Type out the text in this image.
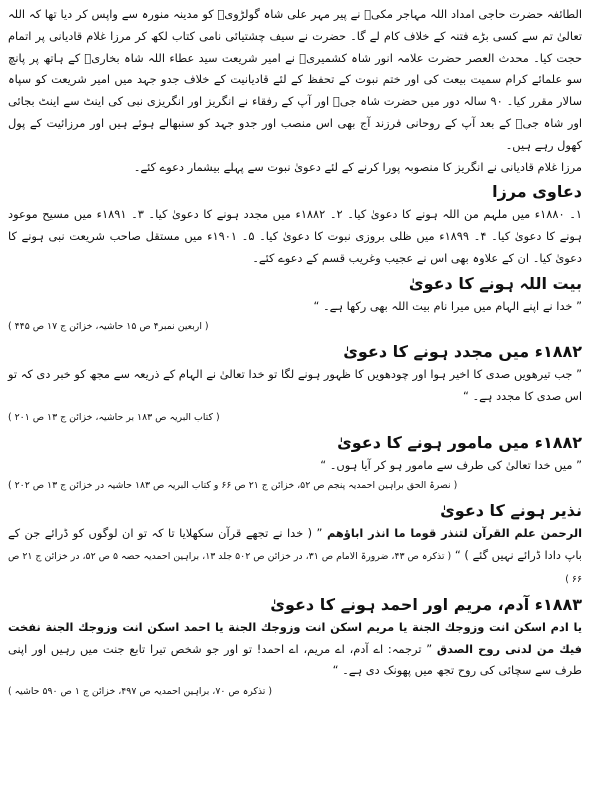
الطائفہ حضرت حاجی امداد اللہ مہاجر مکیؒ نے پیر مہر علی شاہ گولڑویؒ کو مدینہ منورہ سے واپس کر دیا تھا کہ اللہ تعالیٰ تم سے کسی بڑے فتنہ کے خلاف کام لے گا۔ حضرت نے سیف چشتیائی نامی کتاب لکھ کر مرزا غلام قادیانی پر اتمام حجت کیا۔ محدث العصر حضرت علامہ انور شاہ کشمیریؒ نے امیر شریعت سید عطاء اللہ شاہ بخاریؒ کے ہاتھ پر پانچ سو علمائے کرام سمیت بیعت کی اور ختم نبوت کے تحفظ کے لئے قادیانیت کے خلاف جدو جہد میں امیر شریعت کو سپاہ سالار مقرر کیا۔ ۹۰ سالہ دور میں حضرت شاہ جیؒ اور آپ کے رفقاء نے انگریز اور انگریزی نبی کی اینٹ سے اینٹ بجائی اور شاہ جیؒ کے بعد آپ کے روحانی فرزند آج بھی اس منصب اور جدو جہد کو سنبھالے ہوئے ہیں اور مرزائیت کے پول کھول رہے ہیں۔

مرزا غلام قادیانی نے انگریز کا منصوبہ پورا کرنے کے لئے دعویٰ نبوت سے پہلے بیشمار دعوے کئے۔

دعاوی مرزا

۱۔ ۱۸۸۰ء میں ملہم من اللہ ہونے کا دعویٰ کیا۔ ۲۔ ۱۸۸۲ء میں مجدد ہونے کا دعویٰ کیا۔ ۳۔ ۱۸۹۱ء میں مسیح موعود ہونے کا دعویٰ کیا۔ ۴۔ ۱۸۹۹ء میں ظلی بروزی نبوت کا دعویٰ کیا۔ ۵۔ ۱۹۰۱ء میں مستقل صاحب شریعت نبی ہونے کا دعویٰ کیا۔ ان کے علاوہ بھی اس نے عجیب وغریب قسم کے دعوے کئے۔

بیت اللہ ہونے کا دعویٰ

” خدا نے اپنے الہام میں میرا نام بیت اللہ بھی رکھا ہے۔ “

( اربعین نمبر۴ ص ۱۵ حاشیہ، خزائن ج ۱۷ ص ۴۴۵ )
۱۸۸۲ء میں مجدد ہونے کا دعویٰ

” جب تیرھویں صدی کا اخیر ہوا اور چودھویں کا ظہور ہونے لگا تو خدا تعالیٰ نے الہام کے ذریعہ سے مجھ کو خبر دی کہ تو اس صدی کا مجدد ہے۔ “

( کتاب البریہ ص ۱۸۳ بر حاشیہ، خزائن ج ۱۳ ص ۲۰۱ )
۱۸۸۲ء میں مامور ہونے کا دعویٰ

” میں خدا تعالیٰ کی طرف سے مامور ہو کر آیا ہوں۔ “

( نصرۃ الحق براہین احمدیہ پنجم ص ۵۲، خزائن ج ۲۱ ص ۶۶ و کتاب البریہ ص ۱۸۳ حاشیہ در خزائن ج ۱۳ ص ۲۰۲ )
نذیر ہونے کا دعویٰ

الرحمن علم القرآن لتنذر قوما ما انذر اباؤهم ” ( خدا نے تجھے قرآن سکھلایا تا کہ تو ان لوگوں کو ڈرائے جن کے باپ دادا ڈرائے نہیں گئے ) “ ( تذکرہ ص ۴۳، ضرورۃ الامام ص ۳۱، در خزائن ص ۵۰۲ جلد ۱۳، براہین احمدیہ حصہ ۵ ص ۵۲، در خزائن ج ۲۱ ص ۶۶ )

۱۸۸۳ء آدم، مریم اور احمد ہونے کا دعویٰ

یا ادم اسکن انت وزوجك الجنة یا مریم اسکن انت وزوجك الجنة یا احمد اسکن انت وزوجك الجنة نفخت فيك من لدنی روح الصدق ” ترجمہ: اے آدم، اے مریم، اے احمد! تو اور جو شخص تیرا تابع جنت میں رہیں اور اپنی طرف سے سچائی کی روح تجھ میں پھونک دی ہے۔ “

( تذکرہ ص ۷۰، براہین احمدیہ ص ۴۹۷، خزائن ج ۱ ص ۵۹۰ حاشیہ )
